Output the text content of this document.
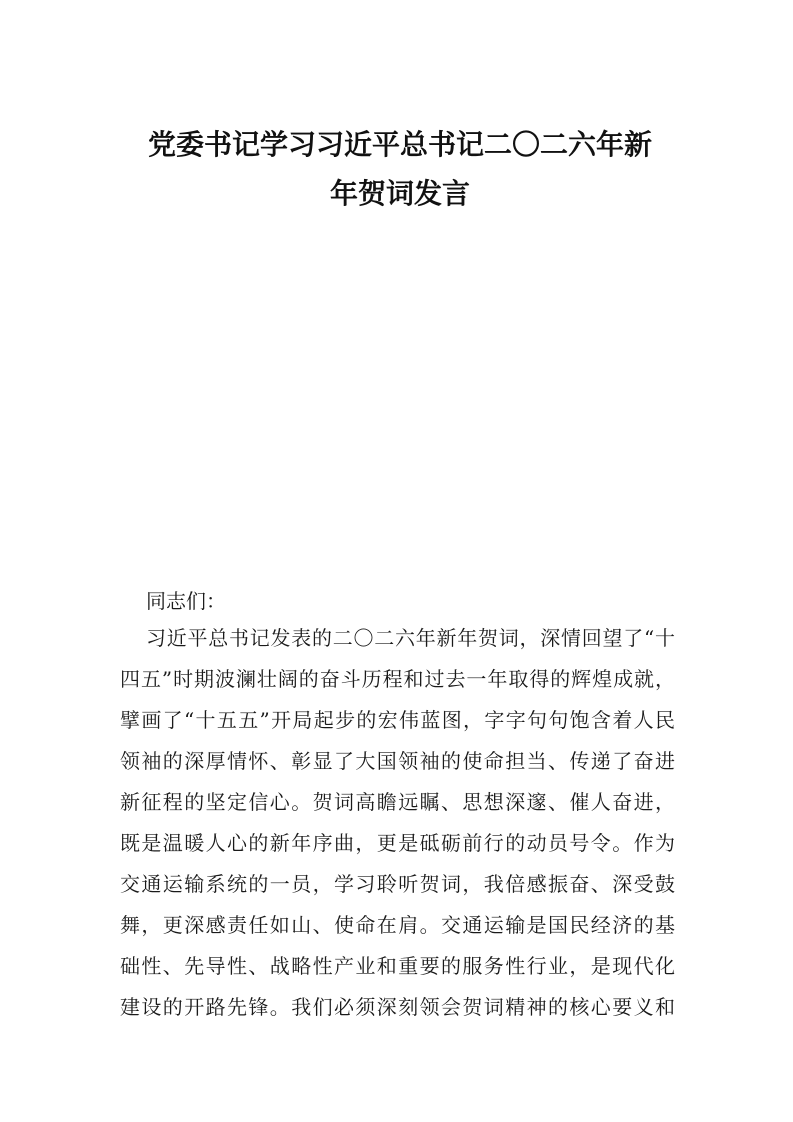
党委书记学习习近平总书记二〇二六年新
年贺词发言

同志们：

习近平总书记发表的二〇二六年新年贺词，深情回望了“十

四五”时期波澜壮阔的奋斗历程和过去一年取得的辉煌成就，

擘画了“十五五”开局起步的宏伟蓝图，字字句句饱含着人民

领袖的深厚情怀、彰显了大国领袖的使命担当、传递了奋进

新征程的坚定信心。贺词高瞻远瞩、思想深邃、催人奋进，

既是温暖人心的新年序曲，更是砥砺前行的动员号令。作为

交通运输系统的一员，学习聆听贺词，我倍感振奋、深受鼓

舞，更深感责任如山、使命在肩。交通运输是国民经济的基

础性、先导性、战略性产业和重要的服务性行业，是现代化

建设的开路先锋。我们必须深刻领会贺词精神的核心要义和
